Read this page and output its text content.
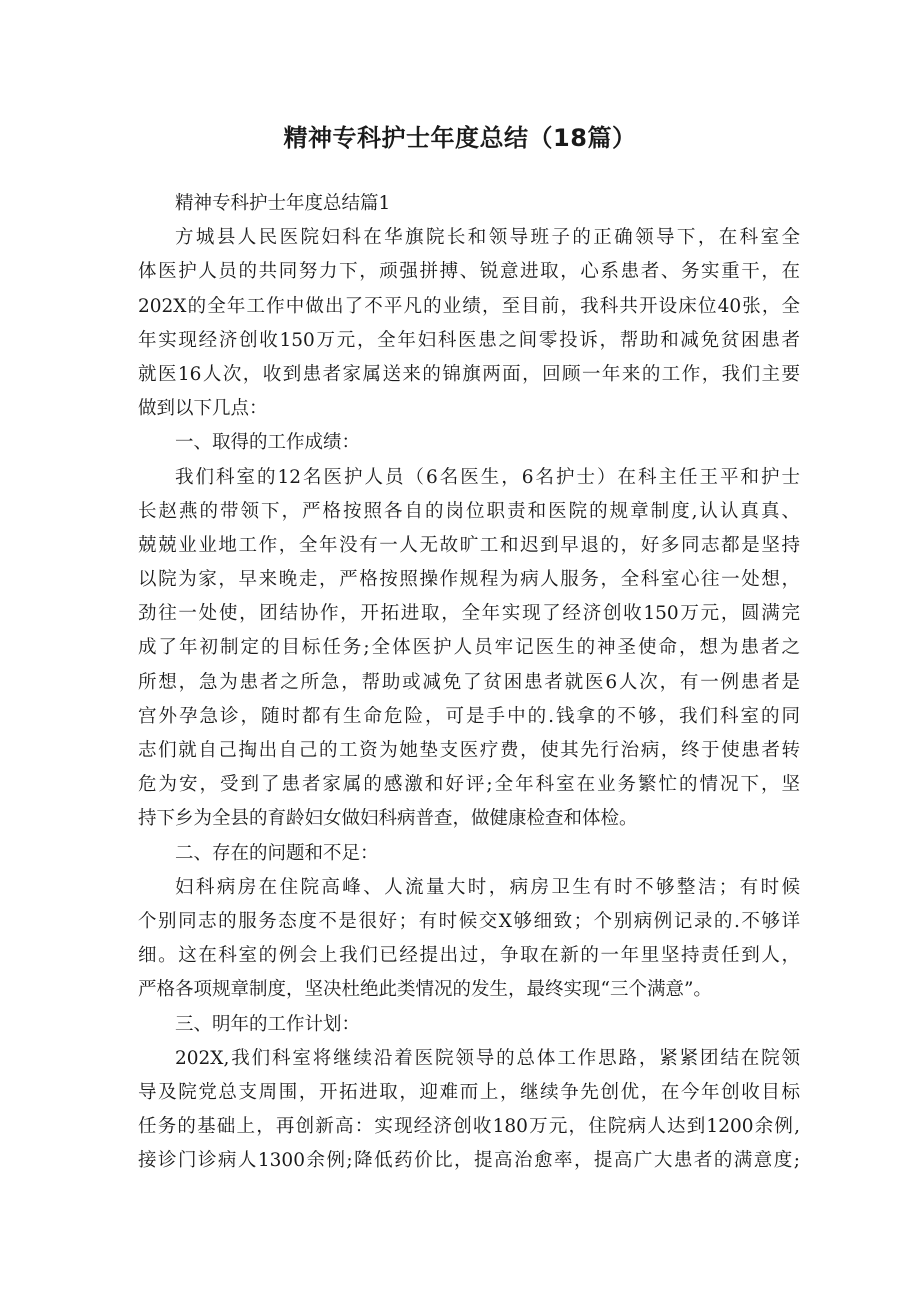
精神专科护士年度总结（18篇）
精神专科护士年度总结篇1
方城县人民医院妇科在华旗院长和领导班子的正确领导下，在科室全
体医护人员的共同努力下，顽强拼搏、锐意进取，心系患者、务实重干，在
202X的全年工作中做出了不平凡的业绩，至目前，我科共开设床位40张，全
年实现经济创收150万元，全年妇科医患之间零投诉，帮助和减免贫困患者
就医16人次，收到患者家属送来的锦旗两面，回顾一年来的工作，我们主要
做到以下几点：
一、取得的工作成绩：
我们科室的12名医护人员（6名医生，6名护士）在科主任王平和护士
长赵燕的带领下，严格按照各自的岗位职责和医院的规章制度,认认真真、
兢兢业业地工作，全年没有一人无故旷工和迟到早退的，好多同志都是坚持
以院为家，早来晚走，严格按照操作规程为病人服务，全科室心往一处想，
劲往一处使，团结协作，开拓进取，全年实现了经济创收150万元，圆满完
成了年初制定的目标任务;全体医护人员牢记医生的神圣使命，想为患者之
所想，急为患者之所急，帮助或减免了贫困患者就医6人次，有一例患者是
宫外孕急诊，随时都有生命危险，可是手中的.钱拿的不够，我们科室的同
志们就自己掏出自己的工资为她垫支医疗费，使其先行治病，终于使患者转
危为安，受到了患者家属的感激和好评;全年科室在业务繁忙的情况下，坚
持下乡为全县的育龄妇女做妇科病普查，做健康检查和体检。
二、存在的问题和不足：
妇科病房在住院高峰、人流量大时，病房卫生有时不够整洁；有时候
个别同志的服务态度不是很好；有时候交X够细致；个别病例记录的.不够详
细。这在科室的例会上我们已经提出过，争取在新的一年里坚持责任到人，
严格各项规章制度，坚决杜绝此类情况的发生，最终实现“三个满意”。
三、明年的工作计划：
202X,我们科室将继续沿着医院领导的总体工作思路，紧紧团结在院领
导及院党总支周围，开拓进取，迎难而上，继续争先创优，在今年创收目标
任务的基础上，再创新高：实现经济创收180万元，住院病人达到1200余例,
接诊门诊病人1300余例;降低药价比，提高治愈率，提高广大患者的满意度;
